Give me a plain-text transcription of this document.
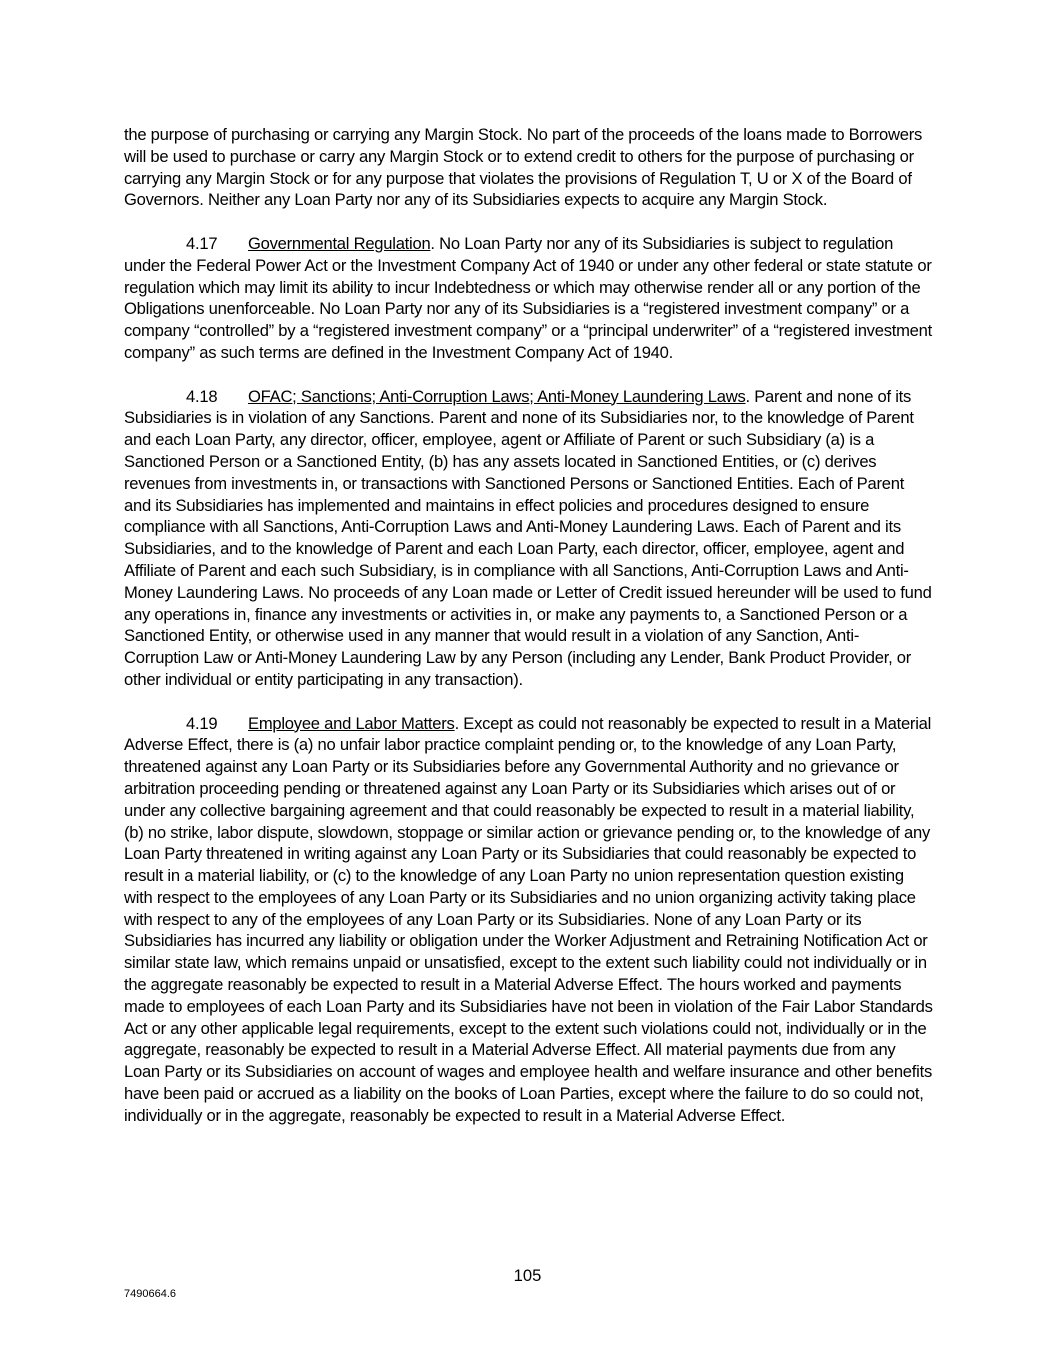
the purpose of purchasing or carrying any Margin Stock. No part of the proceeds of the loans made to Borrowers will be used to purchase or carry any Margin Stock or to extend credit to others for the purpose of purchasing or carrying any Margin Stock or for any purpose that violates the provisions of Regulation T, U or X of the Board of Governors. Neither any Loan Party nor any of its Subsidiaries expects to acquire any Margin Stock.

4.17 Governmental Regulation. No Loan Party nor any of its Subsidiaries is subject to regulation under the Federal Power Act or the Investment Company Act of 1940 or under any other federal or state statute or regulation which may limit its ability to incur Indebtedness or which may otherwise render all or any portion of the Obligations unenforceable. No Loan Party nor any of its Subsidiaries is a “registered investment company” or a company “controlled” by a “registered investment company” or a “principal underwriter” of a “registered investment company” as such terms are defined in the Investment Company Act of 1940.

4.18 OFAC; Sanctions; Anti-Corruption Laws; Anti-Money Laundering Laws. Parent and none of its Subsidiaries is in violation of any Sanctions. Parent and none of its Subsidiaries nor, to the knowledge of Parent and each Loan Party, any director, officer, employee, agent or Affiliate of Parent or such Subsidiary (a) is a Sanctioned Person or a Sanctioned Entity, (b) has any assets located in Sanctioned Entities, or (c) derives revenues from investments in, or transactions with Sanctioned Persons or Sanctioned Entities. Each of Parent and its Subsidiaries has implemented and maintains in effect policies and procedures designed to ensure compliance with all Sanctions, Anti-Corruption Laws and Anti-Money Laundering Laws. Each of Parent and its Subsidiaries, and to the knowledge of Parent and each Loan Party, each director, officer, employee, agent and Affiliate of Parent and each such Subsidiary, is in compliance with all Sanctions, Anti-Corruption Laws and Anti-Money Laundering Laws. No proceeds of any Loan made or Letter of Credit issued hereunder will be used to fund any operations in, finance any investments or activities in, or make any payments to, a Sanctioned Person or a Sanctioned Entity, or otherwise used in any manner that would result in a violation of any Sanction, Anti-Corruption Law or Anti-Money Laundering Law by any Person (including any Lender, Bank Product Provider, or other individual or entity participating in any transaction).

4.19 Employee and Labor Matters. Except as could not reasonably be expected to result in a Material Adverse Effect, there is (a) no unfair labor practice complaint pending or, to the knowledge of any Loan Party, threatened against any Loan Party or its Subsidiaries before any Governmental Authority and no grievance or arbitration proceeding pending or threatened against any Loan Party or its Subsidiaries which arises out of or under any collective bargaining agreement and that could reasonably be expected to result in a material liability, (b) no strike, labor dispute, slowdown, stoppage or similar action or grievance pending or, to the knowledge of any Loan Party threatened in writing against any Loan Party or its Subsidiaries that could reasonably be expected to result in a material liability, or (c) to the knowledge of any Loan Party no union representation question existing with respect to the employees of any Loan Party or its Subsidiaries and no union organizing activity taking place with respect to any of the employees of any Loan Party or its Subsidiaries. None of any Loan Party or its Subsidiaries has incurred any liability or obligation under the Worker Adjustment and Retraining Notification Act or similar state law, which remains unpaid or unsatisfied, except to the extent such liability could not individually or in the aggregate reasonably be expected to result in a Material Adverse Effect. The hours worked and payments made to employees of each Loan Party and its Subsidiaries have not been in violation of the Fair Labor Standards Act or any other applicable legal requirements, except to the extent such violations could not, individually or in the aggregate, reasonably be expected to result in a Material Adverse Effect. All material payments due from any Loan Party or its Subsidiaries on account of wages and employee health and welfare insurance and other benefits have been paid or accrued as a liability on the books of Loan Parties, except where the failure to do so could not, individually or in the aggregate, reasonably be expected to result in a Material Adverse Effect.

105
7490664.6
